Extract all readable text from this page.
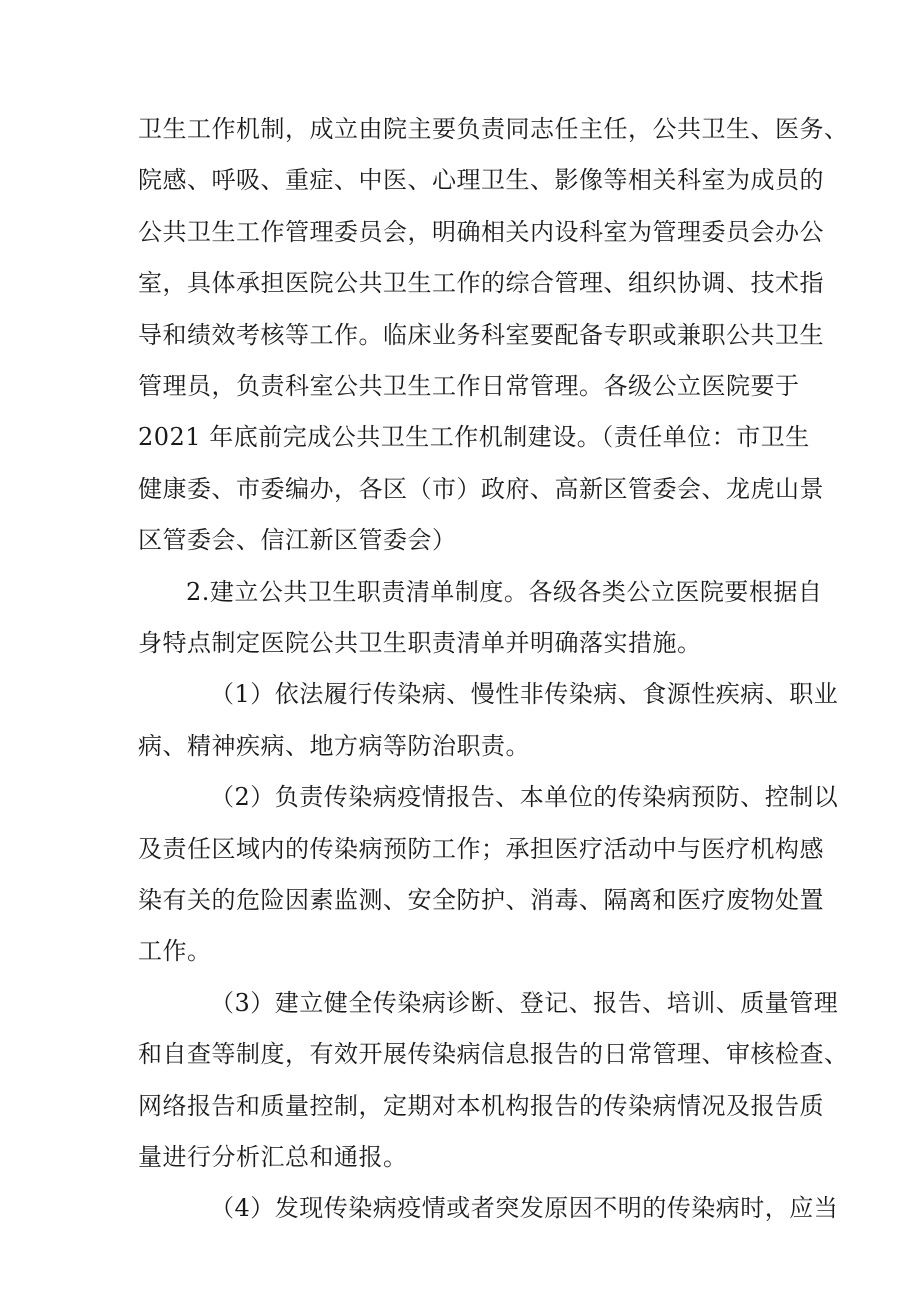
卫生工作机制，成立由院主要负责同志任主任，公共卫生、医务、
院感、呼吸、重症、中医、心理卫生、影像等相关科室为成员的
公共卫生工作管理委员会，明确相关内设科室为管理委员会办公
室，具体承担医院公共卫生工作的综合管理、组织协调、技术指
导和绩效考核等工作。临床业务科室要配备专职或兼职公共卫生
管理员，负责科室公共卫生工作日常管理。各级公立医院要于
2021 年底前完成公共卫生工作机制建设。（责任单位：市卫生
健康委、市委编办，各区（市）政府、高新区管委会、龙虎山景
区管委会、信江新区管委会）
2.建立公共卫生职责清单制度。各级各类公立医院要根据自
身特点制定医院公共卫生职责清单并明确落实措施。
（1）依法履行传染病、慢性非传染病、食源性疾病、职业
病、精神疾病、地方病等防治职责。
（2）负责传染病疫情报告、本单位的传染病预防、控制以
及责任区域内的传染病预防工作；承担医疗活动中与医疗机构感
染有关的危险因素监测、安全防护、消毒、隔离和医疗废物处置
工作。
（3）建立健全传染病诊断、登记、报告、培训、质量管理
和自查等制度，有效开展传染病信息报告的日常管理、审核检查、
网络报告和质量控制，定期对本机构报告的传染病情况及报告质
量进行分析汇总和通报。
（4）发现传染病疫情或者突发原因不明的传染病时，应当
